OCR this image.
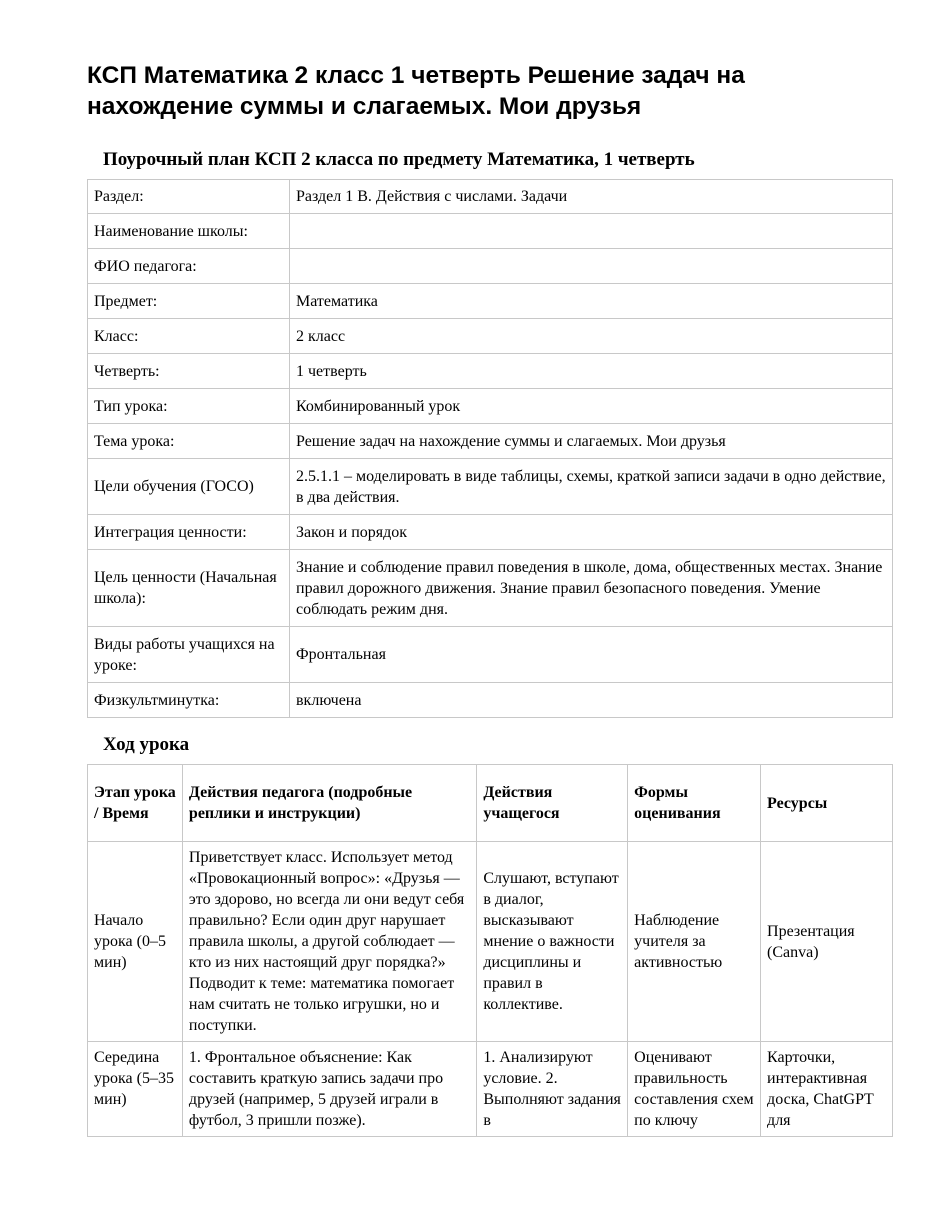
КСП Математика 2 класс 1 четверть Решение задач на нахождение суммы и слагаемых. Мои друзья
Поурочный план КСП 2 класса по предмету Математика, 1 четверть
Раздел:	Раздел 1 В. Действия с числами. Задачи
Наименование школы:	
ФИО педагога:	
Предмет:	Математика
Класс:	2 класс
Четверть:	1 четверть
Тип урока:	Комбинированный урок
Тема урока:	Решение задач на нахождение суммы и слагаемых. Мои друзья
Цели обучения (ГОСО)	2.5.1.1 – моделировать в виде таблицы, схемы, краткой записи задачи в одно действие, в два действия.
Интеграция ценности:	Закон и порядок
Цель ценности (Начальная школа):	Знание и соблюдение правил поведения в школе, дома, общественных местах. Знание правил дорожного движения. Знание правил безопасного поведения. Умение соблюдать режим дня.
Виды работы учащихся на уроке:	Фронтальная
Физкультминутка:	включена
Ход урока
Этап урока / Время	Действия педагога (подробные реплики и инструкции)	Действия учащегося	Формы оценивания	Ресурсы
Начало урока (0–5 мин)	Приветствует класс. Использует метод «Провокационный вопрос»: «Друзья — это здорово, но всегда ли они ведут себя правильно? Если один друг нарушает правила школы, а другой соблюдает — кто из них настоящий друг порядка?» Подводит к теме: математика помогает нам считать не только игрушки, но и поступки.	Слушают, вступают в диалог, высказывают мнение о важности дисциплины и правил в коллективе.	Наблюдение учителя за активностью	Презентация (Canva)
Середина урока (5–35 мин)	1. Фронтальное объяснение: Как составить краткую запись задачи про друзей (например, 5 друзей играли в футбол, 3 пришли позже).	1. Анализируют условие. 2. Выполняют задания в	Оценивают правильность составления схем по ключу	Карточки, интерактивная доска, ChatGPT для
